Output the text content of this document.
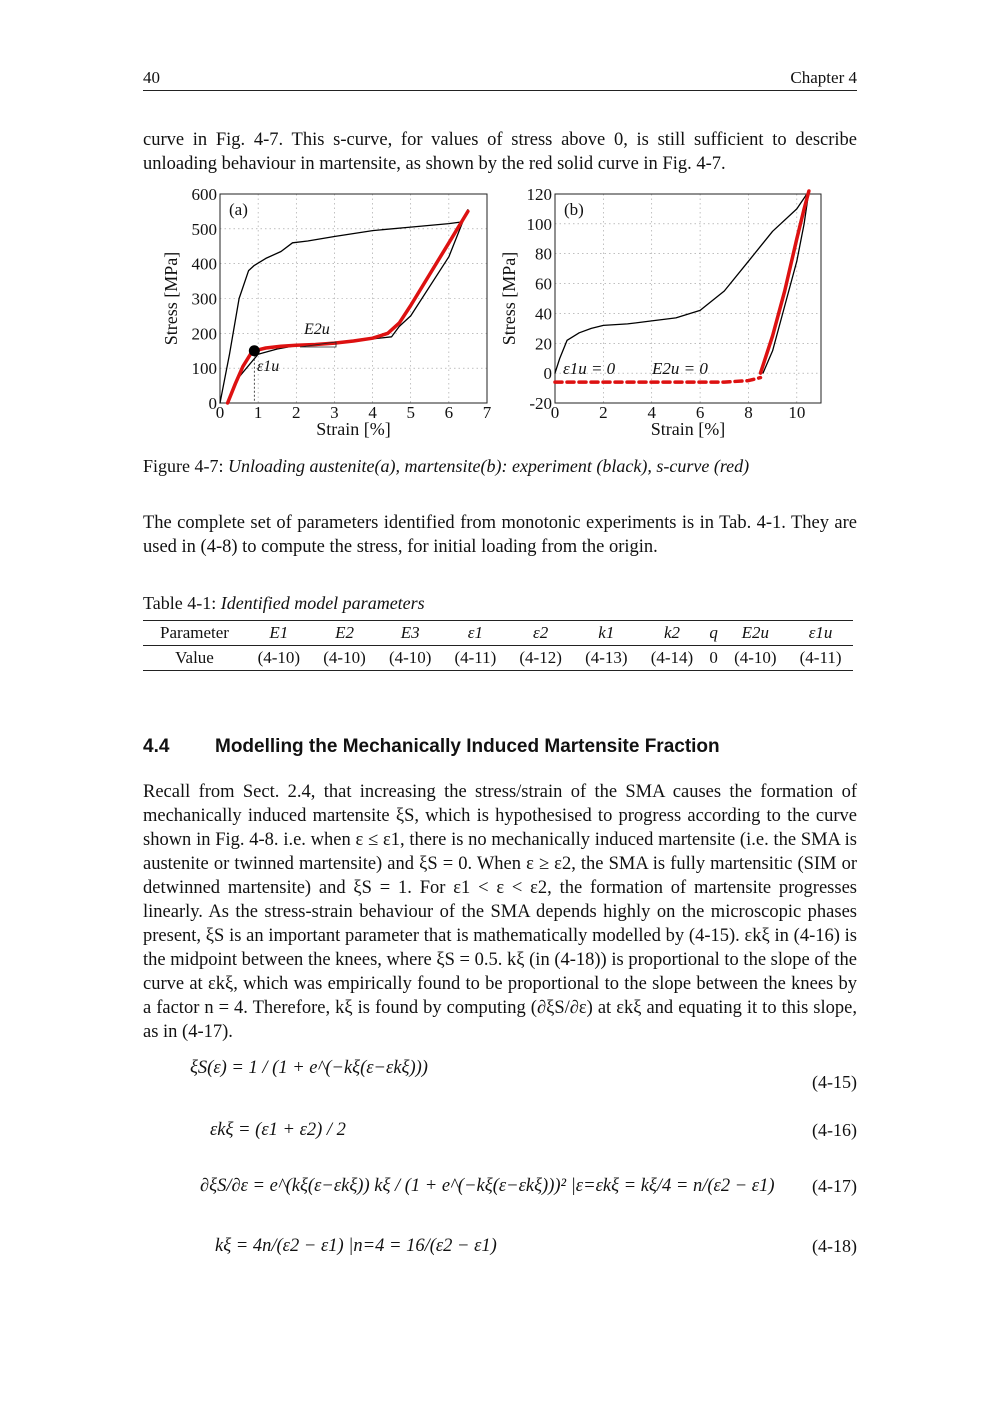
40	Chapter 4

curve in Fig. 4-7. This s-curve, for values of stress above 0, is still sufficient to describe unloading behaviour in martensite, as shown by the red solid curve in Fig. 4-7.

0 1 2 3 4 5 6 7
0
100
200
300
400
500
600
(a)
Strain [%]
Stress [MPa]	E2u
ε1u
0 2 4 6 8 10
-20
0
20
40
60
80
100
120
(b)
Strain [%]
Stress [MPa]
ε1u = 0 E2u = 0
Figure 4-7: Unloading austenite(a), martensite(b): experiment (black), s-curve (red)

The complete set of parameters identified from monotonic experiments is in Tab. 4-1. They are used in (4-8) to compute the stress, for initial loading from the origin.

Table 4-1: Identified model parameters
Parameter	E1	E2	E3	ε1	ε2	k1	k2	q	E2u	ε1u
Value	(4-10)	(4-10)	(4-10)	(4-11)	(4-12)	(4-13)	(4-14)	0	(4-10)	(4-11)
4.4 Modelling the Mechanically Induced Martensite Fraction

Recall from Sect. 2.4, that increasing the stress/strain of the SMA causes the formation of mechanically induced martensite ξS, which is hypothesised to progress according to the curve shown in Fig. 4-8. i.e. when ε ≤ ε1, there is no mechanically induced martensite (i.e. the SMA is austenite or twinned martensite) and ξS = 0. When ε ≥ ε2, the SMA is fully martensitic (SIM or detwinned martensite) and ξS = 1. For ε1 < ε < ε2, the formation of martensite progresses linearly. As the stress-strain behaviour of the SMA depends highly on the microscopic phases present, ξS is an important parameter that is mathematically modelled by (4-15). εkξ in (4-16) is the midpoint between the knees, where ξS = 0.5. kξ (in (4-18)) is proportional to the slope of the curve at εkξ, which was empirically found to be proportional to the slope between the knees by a factor n = 4. Therefore, kξ is found by computing (∂ξS/∂ε) at εkξ and equating it to this slope, as in (4-17).

ξS(ε) = 1 / (1 + e^(−kξ(ε−εkξ)))
(4-15)
εkξ = (ε1 + ε2) / 2	(4-16)
∂ξS/∂ε = e^(kξ(ε−εkξ)) kξ / (1 + e^(−kξ(ε−εkξ)))² |ε=εkξ = kξ/4 = n/(ε2 − ε1) (4-17)
kξ = 4n/(ε2 − ε1) |n=4 = 16/(ε2 − ε1)	(4-18)
